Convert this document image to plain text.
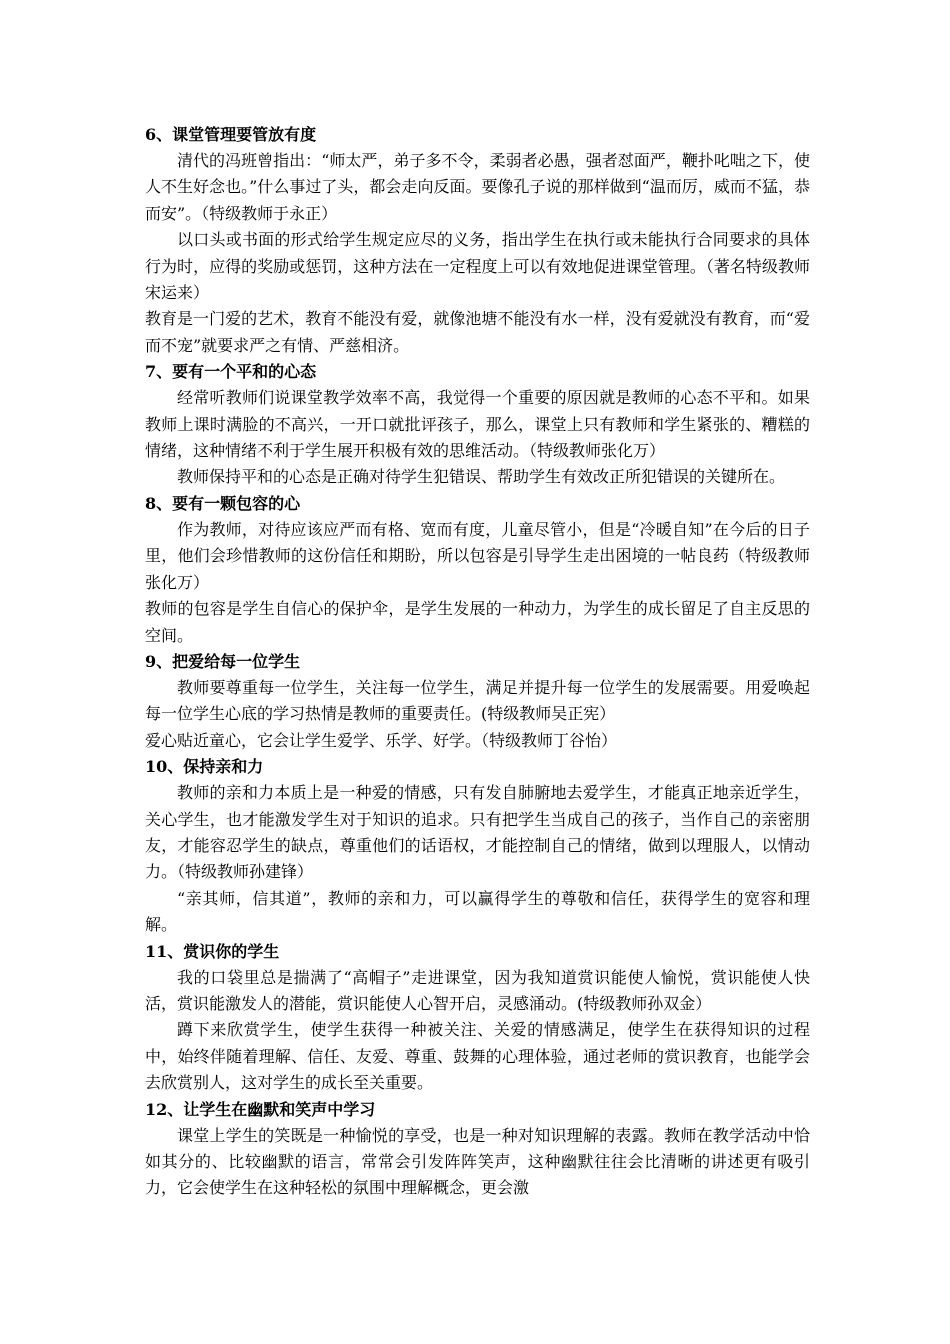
6、课堂管理要管放有度

清代的冯班曾指出：“师太严，弟子多不令，柔弱者必愚，强者怼面严，鞭扑叱咄之下，使人不生好念也。”什么事过了头，都会走向反面。要像孔子说的那样做到“温而厉，威而不猛，恭而安”。（特级教师于永正）

以口头或书面的形式给学生规定应尽的义务，指出学生在执行或未能执行合同要求的具体行为时，应得的奖励或惩罚，这种方法在一定程度上可以有效地促进课堂管理。（著名特级教师　宋运来）

教育是一门爱的艺术，教育不能没有爱，就像池塘不能没有水一样，没有爱就没有教育，而“爱而不宠”就要求严之有情、严慈相济。

7、要有一个平和的心态

经常听教师们说课堂教学效率不高，我觉得一个重要的原因就是教师的心态不平和。如果教师上课时满脸的不高兴，一开口就批评孩子，那么，课堂上只有教师和学生紧张的、糟糕的情绪，这种情绪不利于学生展开积极有效的思维活动。（特级教师张化万）

教师保持平和的心态是正确对待学生犯错误、帮助学生有效改正所犯错误的关键所在。

8、要有一颗包容的心

作为教师，对待应该应严而有格、宽而有度，儿童尽管小，但是“冷暖自知”在今后的日子里，他们会珍惜教师的这份信任和期盼，所以包容是引导学生走出困境的一帖良药（特级教师张化万）

教师的包容是学生自信心的保护伞，是学生发展的一种动力，为学生的成长留足了自主反思的空间。

9、把爱给每一位学生

教师要尊重每一位学生，关注每一位学生，满足并提升每一位学生的发展需要。用爱唤起每一位学生心底的学习热情是教师的重要责任。(特级教师吴正宪）

爱心贴近童心，它会让学生爱学、乐学、好学。（特级教师丁谷怡）

10、保持亲和力

教师的亲和力本质上是一种爱的情感，只有发自肺腑地去爱学生，才能真正地亲近学生，关心学生，也才能激发学生对于知识的追求。只有把学生当成自己的孩子，当作自己的亲密朋友，才能容忍学生的缺点，尊重他们的话语权，才能控制自己的情绪，做到以理服人，以情动力。（特级教师孙建锋）

“亲其师，信其道”，教师的亲和力，可以赢得学生的尊敬和信任，获得学生的宽容和理解。

11、赏识你的学生

我的口袋里总是揣满了“高帽子”走进课堂，因为我知道赏识能使人愉悦，赏识能使人快活，赏识能激发人的潜能，赏识能使人心智开启，灵感涌动。(特级教师孙双金）

蹲下来欣赏学生，使学生获得一种被关注、关爱的情感满足，使学生在获得知识的过程中，始终伴随着理解、信任、友爱、尊重、鼓舞的心理体验，通过老师的赏识教育，也能学会去欣赏别人，这对学生的成长至关重要。

12、让学生在幽默和笑声中学习

课堂上学生的笑既是一种愉悦的享受，也是一种对知识理解的表露。教师在教学活动中恰如其分的、比较幽默的语言，常常会引发阵阵笑声，这种幽默往往会比清晰的讲述更有吸引力，它会使学生在这种轻松的氛围中理解概念，更会激
